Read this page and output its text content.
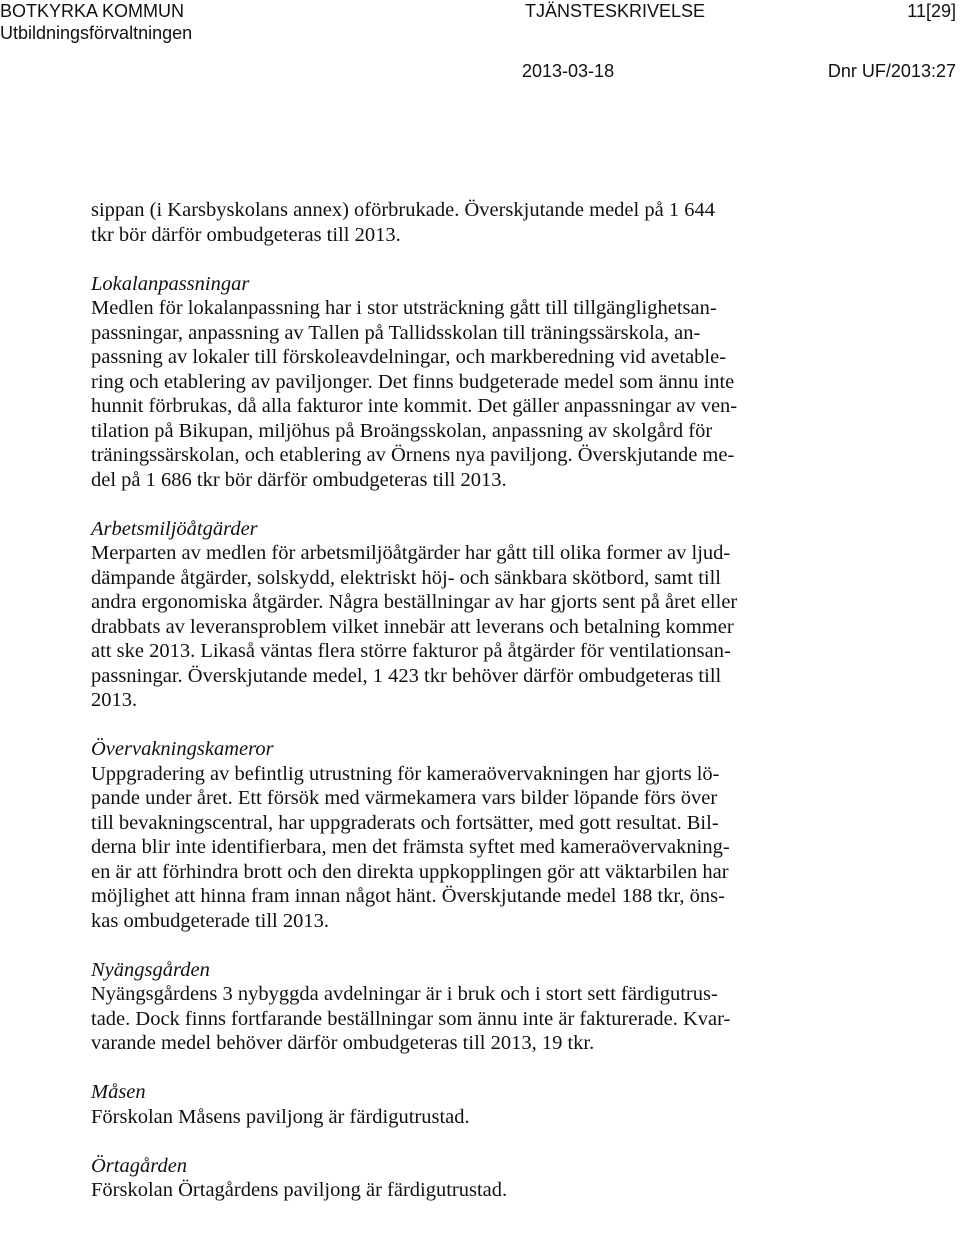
BOTKYRKA KOMMUN
Utbildningsförvaltningen
TJÄNSTESKRIVELSE	11[29]
2013-03-18	Dnr UF/2013:27
sippan (i Karsbyskolans annex) oförbrukade. Överskjutande medel på 1 644
tkr bör därför ombudgeteras till 2013.
Lokalanpassningar
Medlen för lokalanpassning har i stor utsträckning gått till tillgänglighetsan-
passningar, anpassning av Tallen på Tallidsskolan till träningssärskola, an-
passning av lokaler till förskoleavdelningar, och markberedning vid avetable-
ring och etablering av paviljonger. Det finns budgeterade medel som ännu inte
hunnit förbrukas, då alla fakturor inte kommit. Det gäller anpassningar av ven-
tilation på Bikupan, miljöhus på Broängsskolan, anpassning av skolgård för
träningssärskolan, och etablering av Örnens nya paviljong. Överskjutande me-
del på 1 686 tkr bör därför ombudgeteras till 2013.
Arbetsmiljöåtgärder
Merparten av medlen för arbetsmiljöåtgärder har gått till olika former av ljud-
dämpande åtgärder, solskydd, elektriskt höj- och sänkbara skötbord, samt till
andra ergonomiska åtgärder. Några beställningar av har gjorts sent på året eller
drabbats av leveransproblem vilket innebär att leverans och betalning kommer
att ske 2013. Likaså väntas flera större fakturor på åtgärder för ventilationsan-
passningar. Överskjutande medel, 1 423 tkr behöver därför ombudgeteras till
2013.
Övervakningskameror
Uppgradering av befintlig utrustning för kameraövervakningen har gjorts lö-
pande under året. Ett försök med värmekamera vars bilder löpande förs över
till bevakningscentral, har uppgraderats och fortsätter, med gott resultat. Bil-
derna blir inte identifierbara, men det främsta syftet med kameraövervakning-
en är att förhindra brott och den direkta uppkopplingen gör att väktarbilen har
möjlighet att hinna fram innan något hänt. Överskjutande medel 188 tkr, öns-
kas ombudgeterade till 2013.
Nyängsgården
Nyängsgårdens 3 nybyggda avdelningar är i bruk och i stort sett färdigutrus-
tade. Dock finns fortfarande beställningar som ännu inte är fakturerade. Kvar-
varande medel behöver därför ombudgeteras till 2013, 19 tkr.
Måsen
Förskolan Måsens paviljong är färdigutrustad.
Örtagården
Förskolan Örtagårdens paviljong är färdigutrustad.
